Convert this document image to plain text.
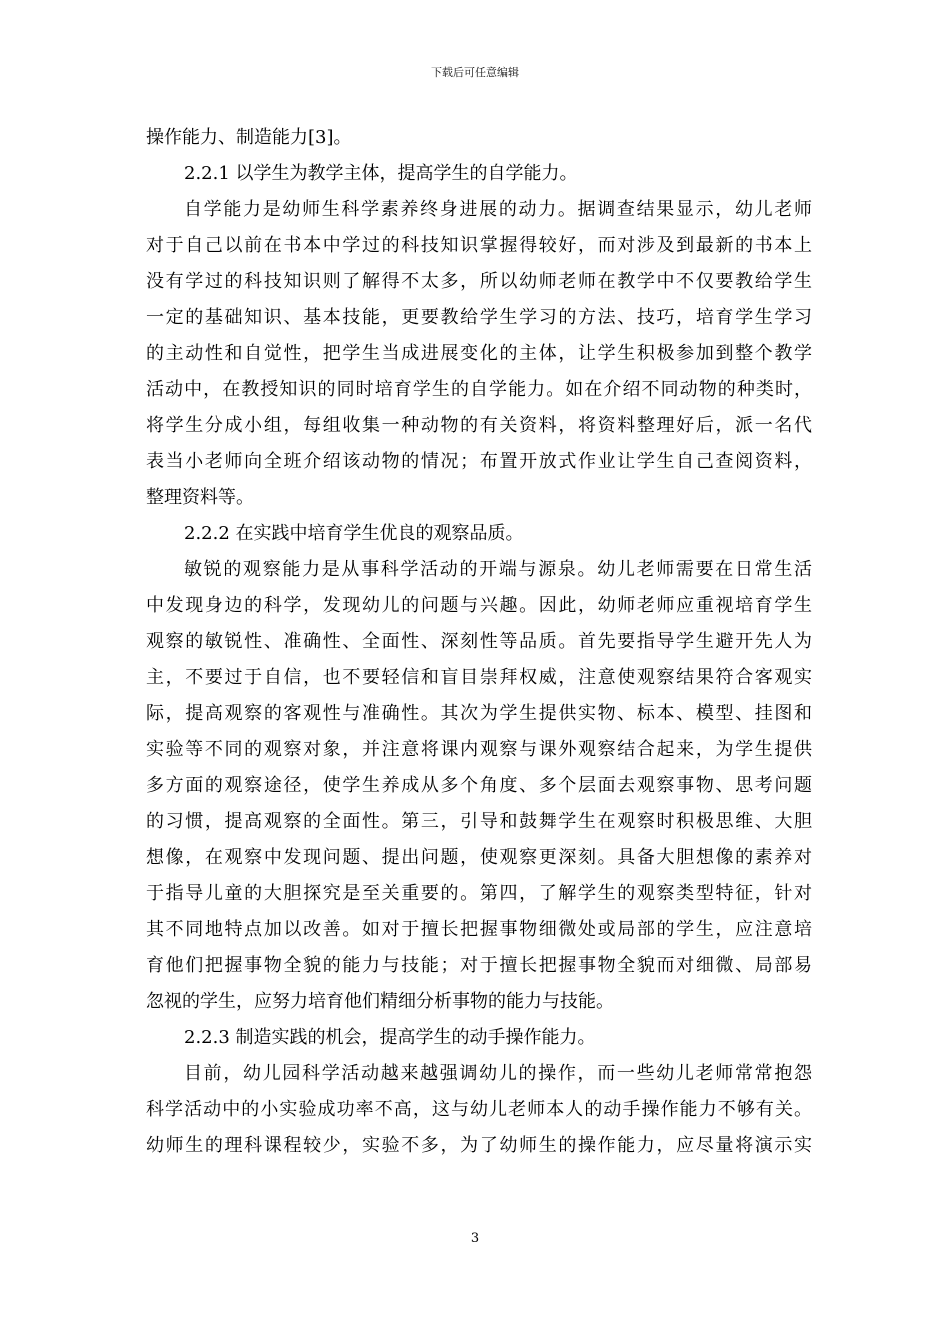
下载后可任意编辑
操作能力、制造能力[3]。
2.2.1 以学生为教学主体，提高学生的自学能力。
自学能力是幼师生科学素养终身进展的动力。据调查结果显示，幼儿老师
对于自己以前在书本中学过的科技知识掌握得较好，而对涉及到最新的书本上
没有学过的科技知识则了解得不太多，所以幼师老师在教学中不仅要教给学生
一定的基础知识、基本技能，更要教给学生学习的方法、技巧，培育学生学习
的主动性和自觉性，把学生当成进展变化的主体，让学生积极参加到整个教学
活动中，在教授知识的同时培育学生的自学能力。如在介绍不同动物的种类时，
将学生分成小组，每组收集一种动物的有关资料，将资料整理好后，派一名代
表当小老师向全班介绍该动物的情况；布置开放式作业让学生自己查阅资料，
整理资料等。
2.2.2 在实践中培育学生优良的观察品质。
敏锐的观察能力是从事科学活动的开端与源泉。幼儿老师需要在日常生活
中发现身边的科学，发现幼儿的问题与兴趣。因此，幼师老师应重视培育学生
观察的敏锐性、准确性、全面性、深刻性等品质。首先要指导学生避开先人为
主，不要过于自信，也不要轻信和盲目崇拜权威，注意使观察结果符合客观实
际，提高观察的客观性与准确性。其次为学生提供实物、标本、模型、挂图和
实验等不同的观察对象，并注意将课内观察与课外观察结合起来，为学生提供
多方面的观察途径，使学生养成从多个角度、多个层面去观察事物、思考问题
的习惯，提高观察的全面性。第三，引导和鼓舞学生在观察时积极思维、大胆
想像，在观察中发现问题、提出问题，使观察更深刻。具备大胆想像的素养对
于指导儿童的大胆探究是至关重要的。第四，了解学生的观察类型特征，针对
其不同地特点加以改善。如对于擅长把握事物细微处或局部的学生，应注意培
育他们把握事物全貌的能力与技能；对于擅长把握事物全貌而对细微、局部易
忽视的学生，应努力培育他们精细分析事物的能力与技能。
2.2.3 制造实践的机会，提高学生的动手操作能力。
目前，幼儿园科学活动越来越强调幼儿的操作，而一些幼儿老师常常抱怨
科学活动中的小实验成功率不高，这与幼儿老师本人的动手操作能力不够有关。
幼师生的理科课程较少，实验不多，为了幼师生的操作能力，应尽量将演示实
3
